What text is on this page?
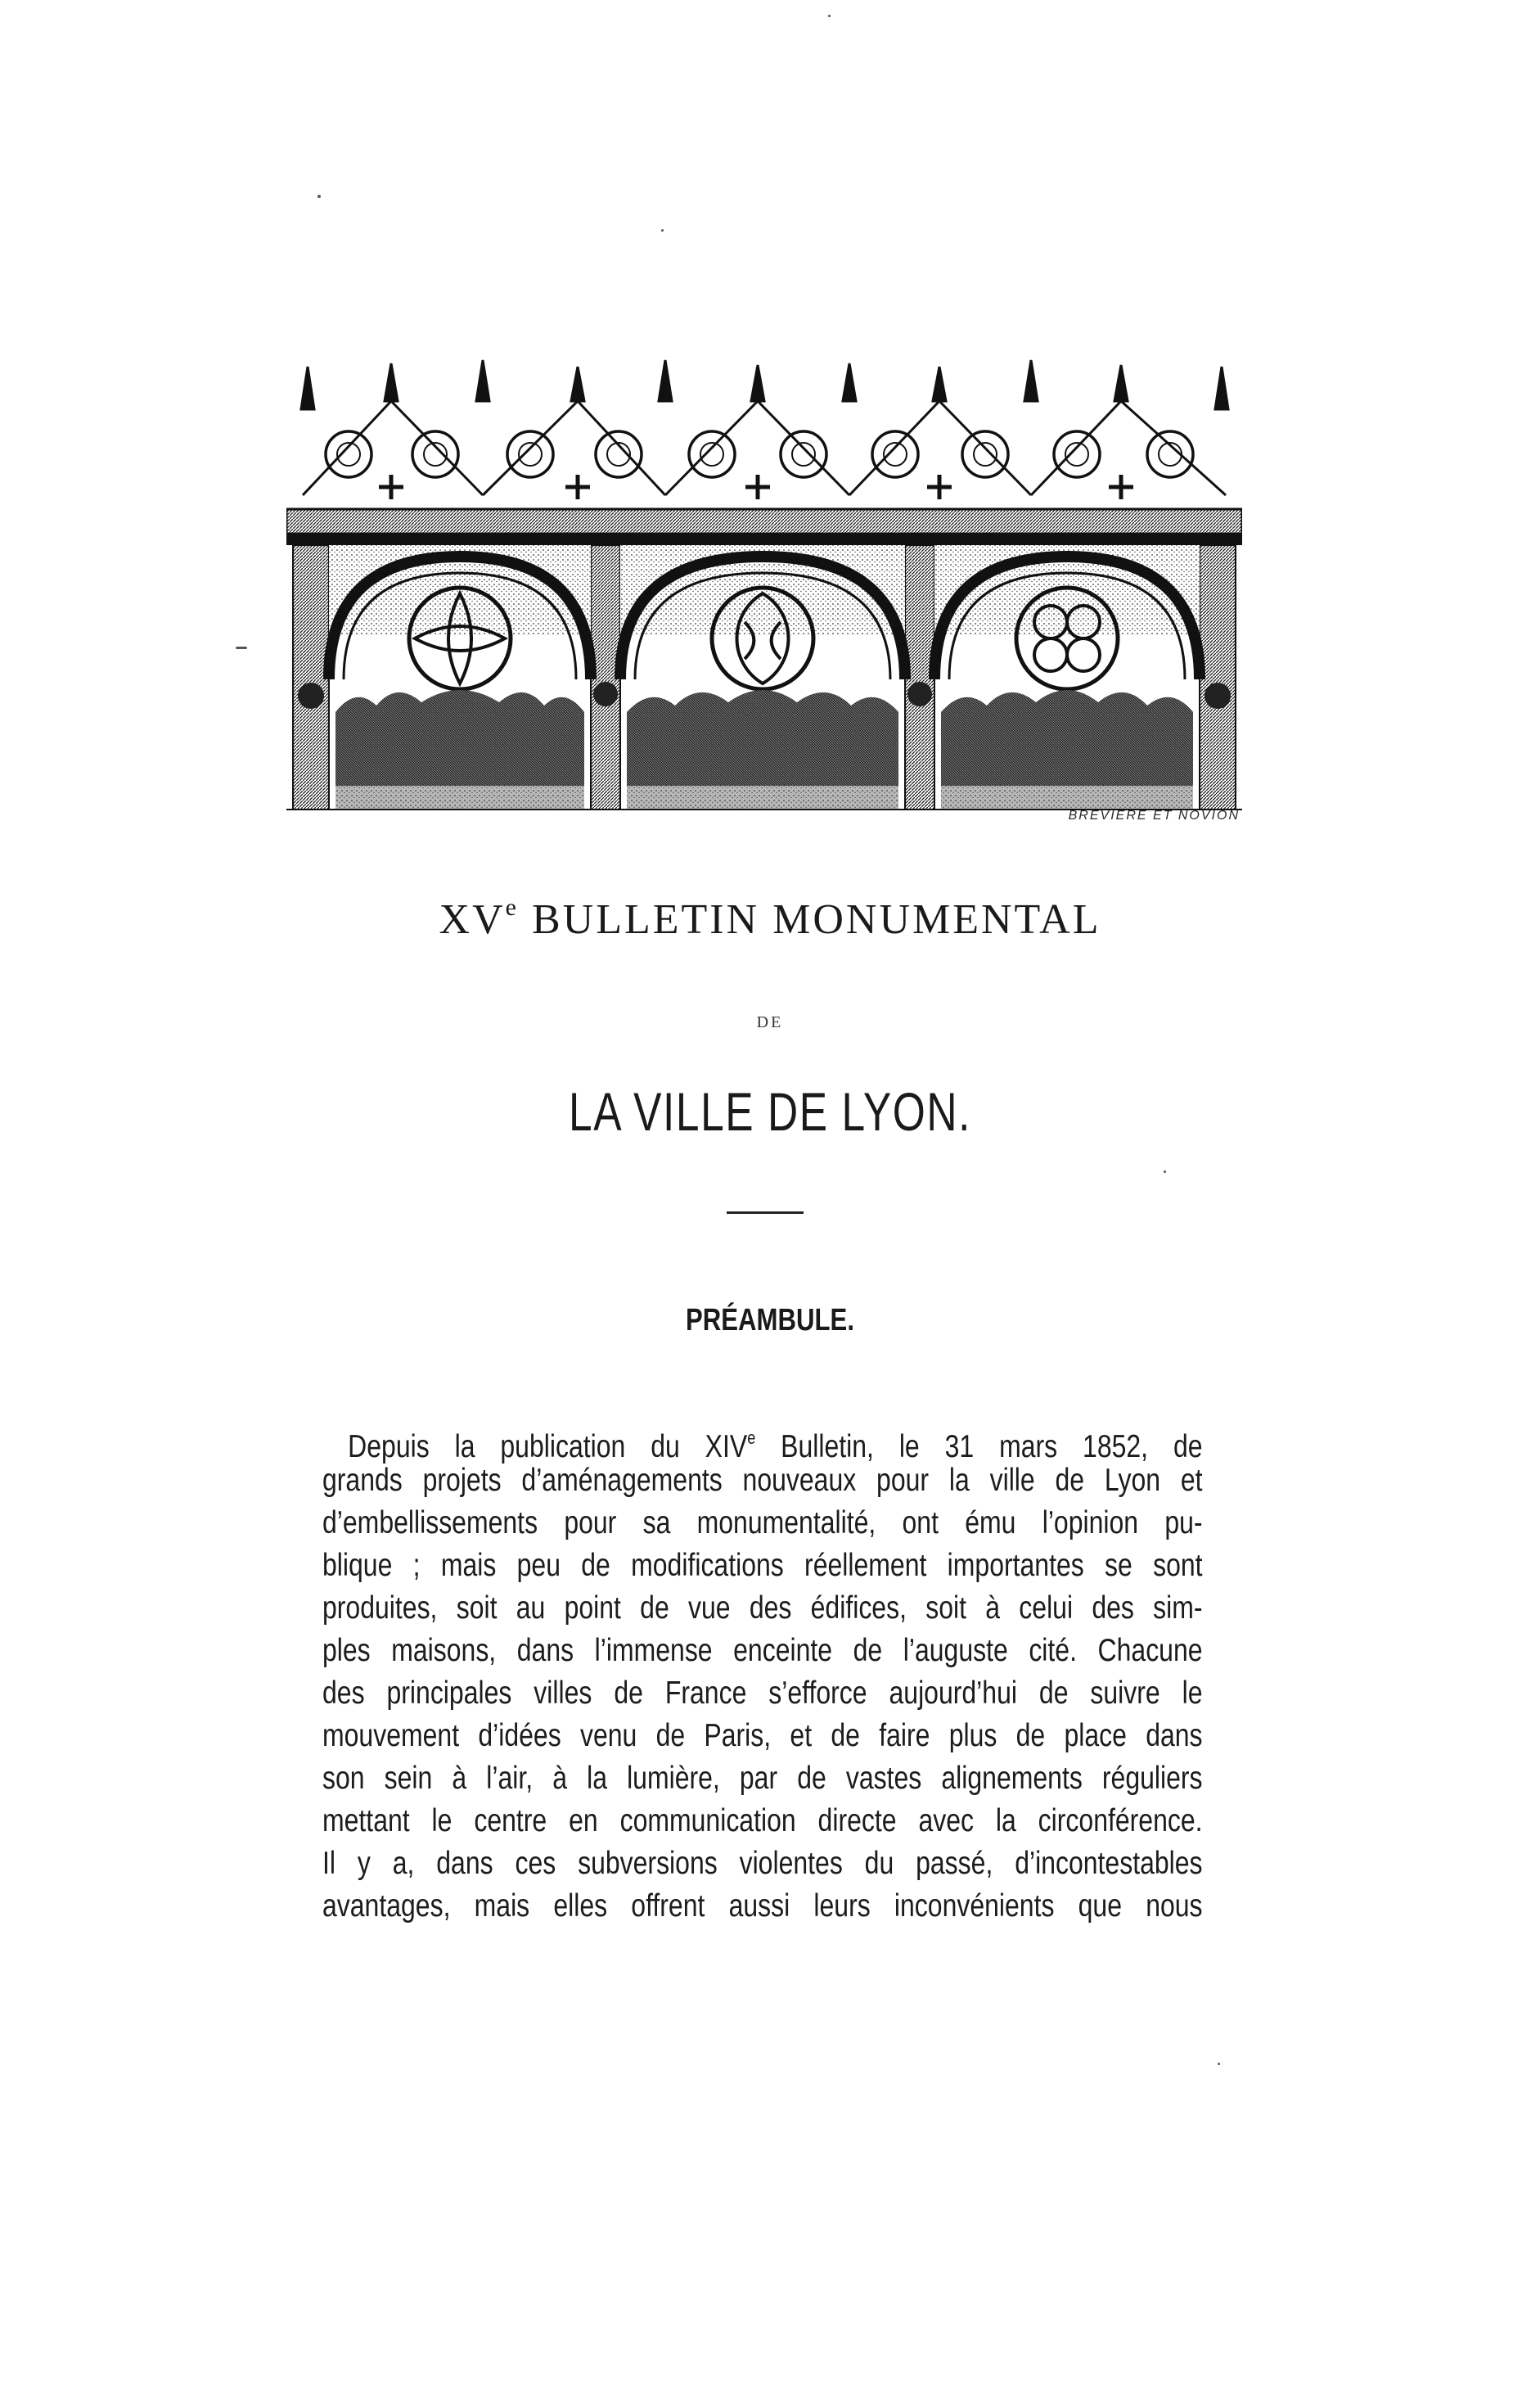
BREVIERE ET NOVION
XVe BULLETIN MONUMENTAL
DE
LA VILLE DE LYON.
PRÉAMBULE.
Depuis la publication du XIVe Bulletin, le 31 mars 1852, de
grands projets d’aménagements nouveaux pour la ville de Lyon et
d’embellissements pour sa monumentalité, ont ému l’opinion pu-
blique ; mais peu de modifications réellement importantes se sont
produites, soit au point de vue des édifices, soit à celui des sim-
ples maisons, dans l’immense enceinte de l’auguste cité. Chacune
des principales villes de France s’efforce aujourd’hui de suivre le
mouvement d’idées venu de Paris, et de faire plus de place dans
son sein à l’air, à la lumière, par de vastes alignements réguliers
mettant le centre en communication directe avec la circonférence.
Il y a, dans ces subversions violentes du passé, d’incontestables
avantages, mais elles offrent aussi leurs inconvénients que nous
